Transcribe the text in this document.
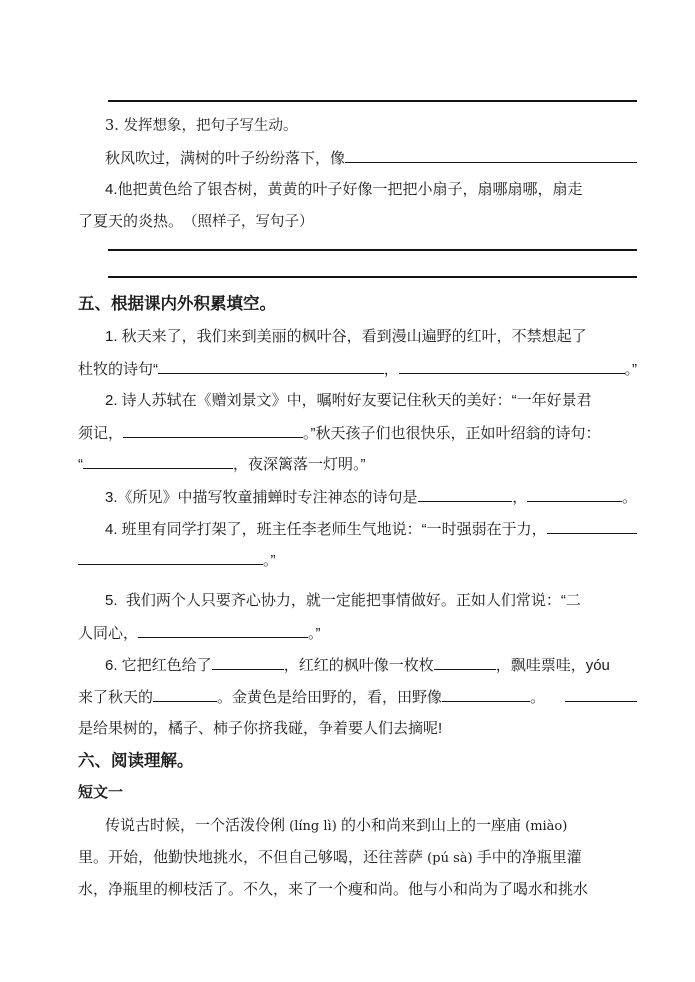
3. 发挥想象，把句子写生动。
秋风吹过，满树的叶子纷纷落下，像
4.他把黄色给了银杏树，黄黄的叶子好像一把把小扇子，扇哪扇哪，扇走
了夏天的炎热。 （照样子，写句子）
五、根据课内外积累填空。
1. 秋天来了，我们来到美丽的枫叶谷，看到漫山遍野的红叶，不禁想起了
杜牧的诗句“	，	。”
2. 诗人苏轼在《赠刘景文》中，嘱咐好友要记住秋天的美好：“一年好景君
须记，	。”秋天孩子们也很快乐，正如叶绍翁的诗句：
“	，夜深篱落一灯明。”
3.《所见》中描写牧童捕蝉时专注神态的诗句是	，	。
4. 班里有同学打架了，班主任李老师生气地说：“一时强弱在于力，
。”
5.  我们两个人只要齐心协力，就一定能把事情做好。正如人们常说：“二
人同心，	。”
6. 它把红色给了	，红红的枫叶像一枚枚	，飘哇票哇，yóu
来了秋天的	。金黄色是给田野的，看，田野像	。
是给果树的，橘子、柿子你挤我碰，争着要人们去摘呢!
六、阅读理解。
短文一
传说古时候，一个活泼伶俐 (líng lì) 的小和尚来到山上的一座庙 (miào)
里。开始，他勤快地挑水，不但自己够喝，还往菩萨 (pú sà) 手中的净瓶里灌
水，净瓶里的柳枝活了。不久，来了一个瘦和尚。他与小和尚为了喝水和挑水
